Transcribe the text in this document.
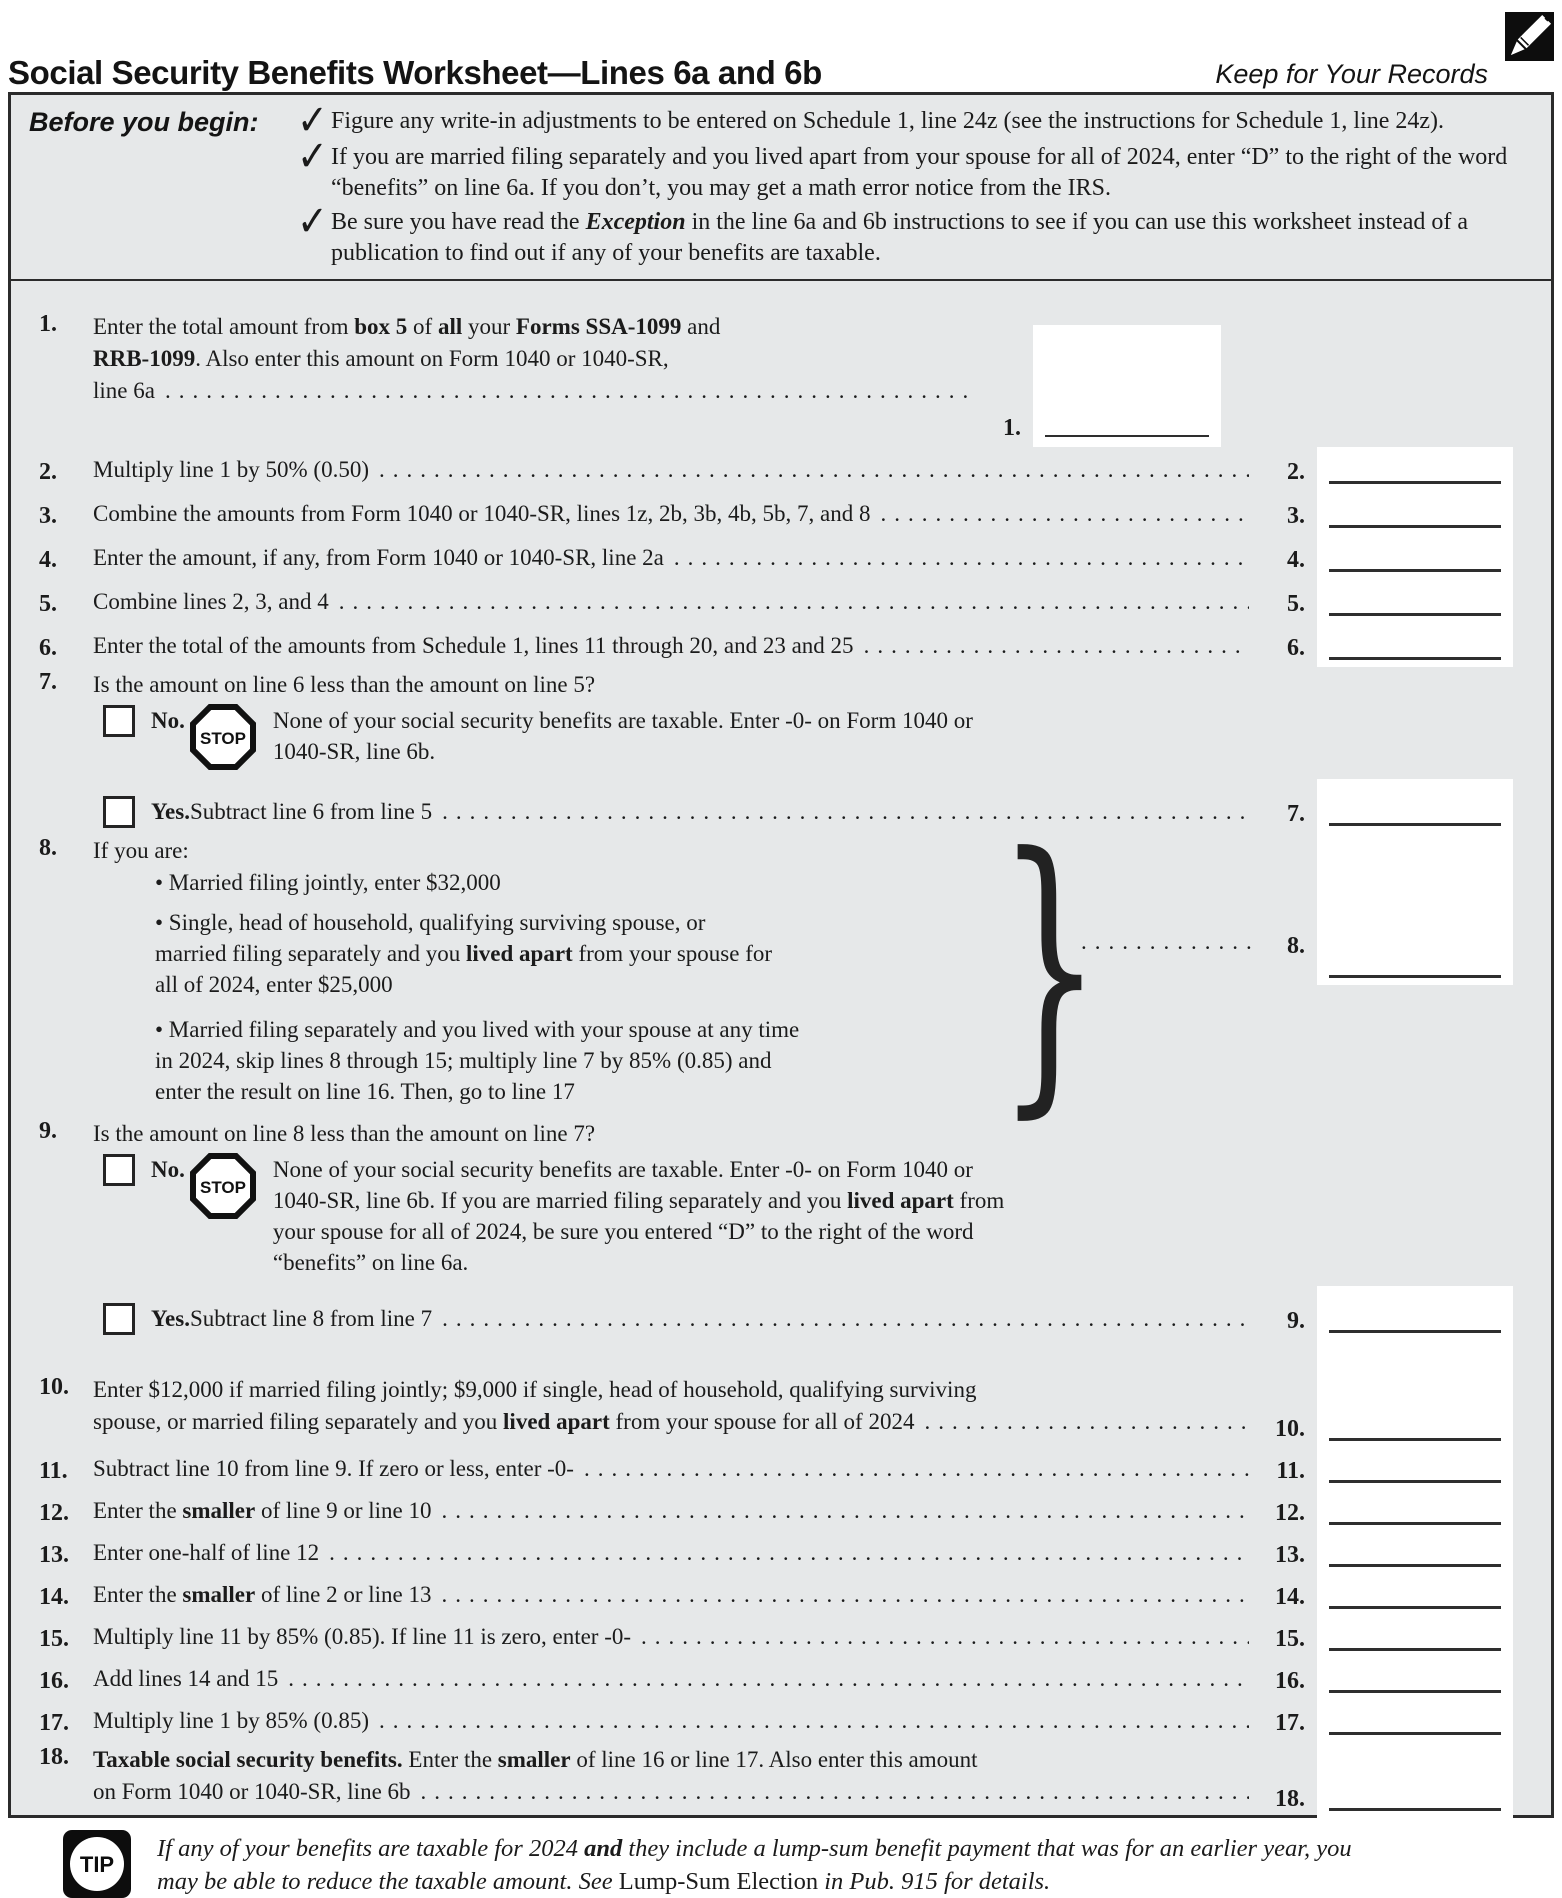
Social Security Benefits Worksheet—Lines 6a and 6b	Keep for Your Records
Before you begin:	✓ Figure any write-in adjustments to be entered on Schedule 1, line 24z (see the instructions for Schedule 1, line 24z).
✓ If you are married filing separately and you lived apart from your spouse for all of 2024, enter “D” to the right of the word “benefits” on line 6a. If you don’t, you may get a math error notice from the IRS.
✓ Be sure you have read the Exception in the line 6a and 6b instructions to see if you can use this worksheet instead of a publication to find out if any of your benefits are taxable.
1.	Enter the total amount from box 5 of all your Forms SSA-1099 and
RRB-1099. Also enter this amount on Form 1040 or 1040-SR,
line 6a
.....
1.
2.	Multiply line 1 by 50% (0.50) .....	2.
3.	Combine the amounts from Form 1040 or 1040-SR, lines 1z, 2b, 3b, 4b, 5b, 7, and 8 .....	3.
4.	Enter the amount, if any, from Form 1040 or 1040-SR, line 2a .....	4.
5.	Combine lines 2, 3, and 4 .....	5.
6.	Enter the total of the amounts from Schedule 1, lines 11 through 20, and 23 and 25 .....	6.
7.	Is the amount on line 6 less than the amount on line 5?
No.
STOP
None of your social security benefits are taxable. Enter -0- on Form 1040 or
1040-SR, line 6b.
Yes. Subtract line 6 from line 5 .....	7.
8.	If you are:
• Married filing jointly, enter $32,000
• Single, head of household, qualifying surviving spouse, or
married filing separately and you lived apart from your spouse for
all of 2024, enter $25,000
• Married filing separately and you lived with your spouse at any time
in 2024, skip lines 8 through 15; multiply line 7 by 85% (0.85) and
enter the result on line 16. Then, go to line 17	} .....	8.
9.	Is the amount on line 8 less than the amount on line 7?
No.
STOP
None of your social security benefits are taxable. Enter -0- on Form 1040 or
1040-SR, line 6b. If you are married filing separately and you lived apart from
your spouse for all of 2024, be sure you entered “D” to the right of the word
“benefits” on line 6a.
Yes. Subtract line 8 from line 7 .....	9.
10.	Enter $12,000 if married filing jointly; $9,000 if single, head of household, qualifying surviving
spouse, or married filing separately and you lived apart from your spouse for all of 2024 .....	10.
11.	Subtract line 10 from line 9. If zero or less, enter -0- .....	11.
12.	Enter the smaller of line 9 or line 10 .....	12.
13.	Enter one-half of line 12 .....	13.
14.	Enter the smaller of line 2 or line 13 .....	14.
15.	Multiply line 11 by 85% (0.85). If line 11 is zero, enter -0- .....	15.
16.	Add lines 14 and 15 .....	16.
17.	Multiply line 1 by 85% (0.85) .....	17.
18.	Taxable social security benefits. Enter the smaller of line 16 or line 17. Also enter this amount
on Form 1040 or 1040-SR, line 6b .....	18.
TIP
If any of your benefits are taxable for 2024 and they include a lump-sum benefit payment that was for an earlier year, you may be able to reduce the taxable amount. See Lump-Sum Election in Pub. 915 for details.
